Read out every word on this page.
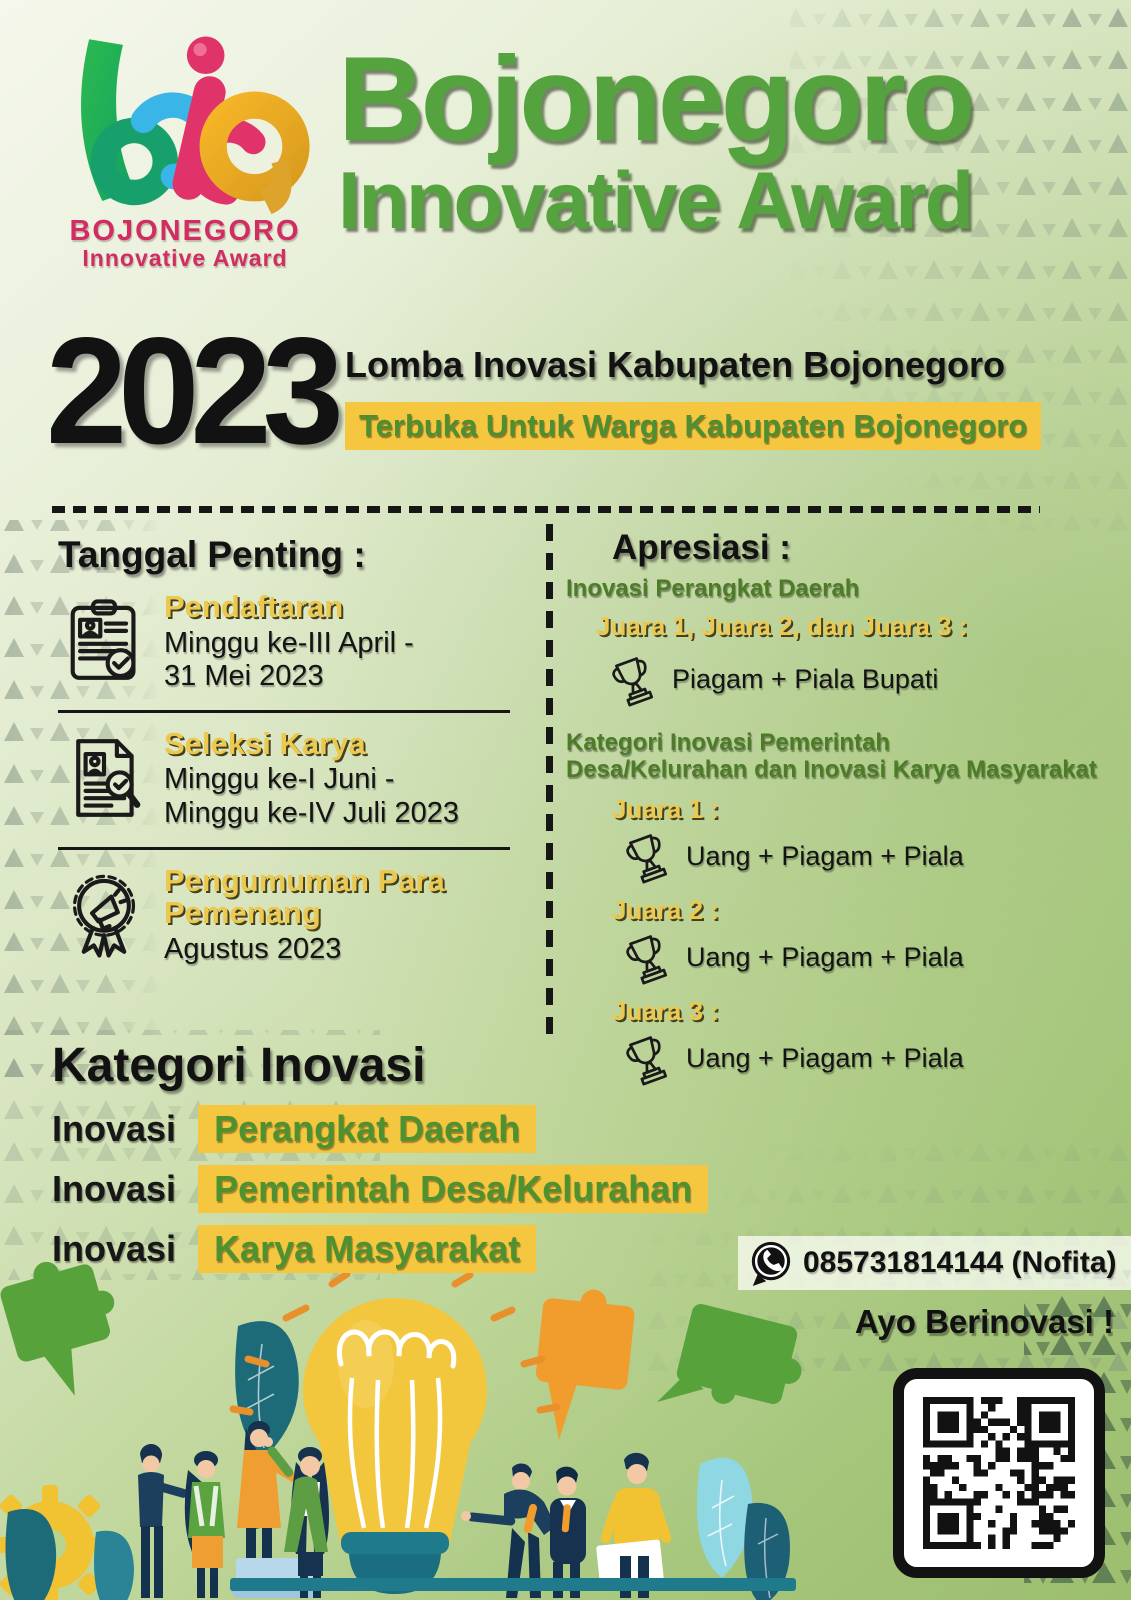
BOJONEGORO
Innovative Award
Bojonegoro
Innovative Award
2023 Lomba Inovasi Kabupaten Bojonegoro
Terbuka Untuk Warga Kabupaten Bojonegoro
Tanggal Penting :
Pendaftaran
Minggu ke-III April -
31 Mei 2023
Seleksi Karya
Minggu ke-I Juni -
Minggu ke-IV Juli 2023
Pengumuman Para Pemenang
Agustus 2023
Apresiasi :
Inovasi Perangkat Daerah
Juara 1, Juara 2, dan Juara 3 :
Piagam + Piala Bupati
Kategori Inovasi Pemerintah
Desa/Kelurahan dan Inovasi Karya Masyarakat
Juara 1 :
Uang + Piagam + Piala
Juara 2 :
Uang + Piagam + Piala
Juara 3 :
Uang + Piagam + Piala
Kategori Inovasi
Inovasi	Perangkat Daerah
Inovasi	Pemerintah Desa/Kelurahan
Inovasi	Karya Masyarakat	085731814144 (Nofita)
Ayo Berinovasi !
